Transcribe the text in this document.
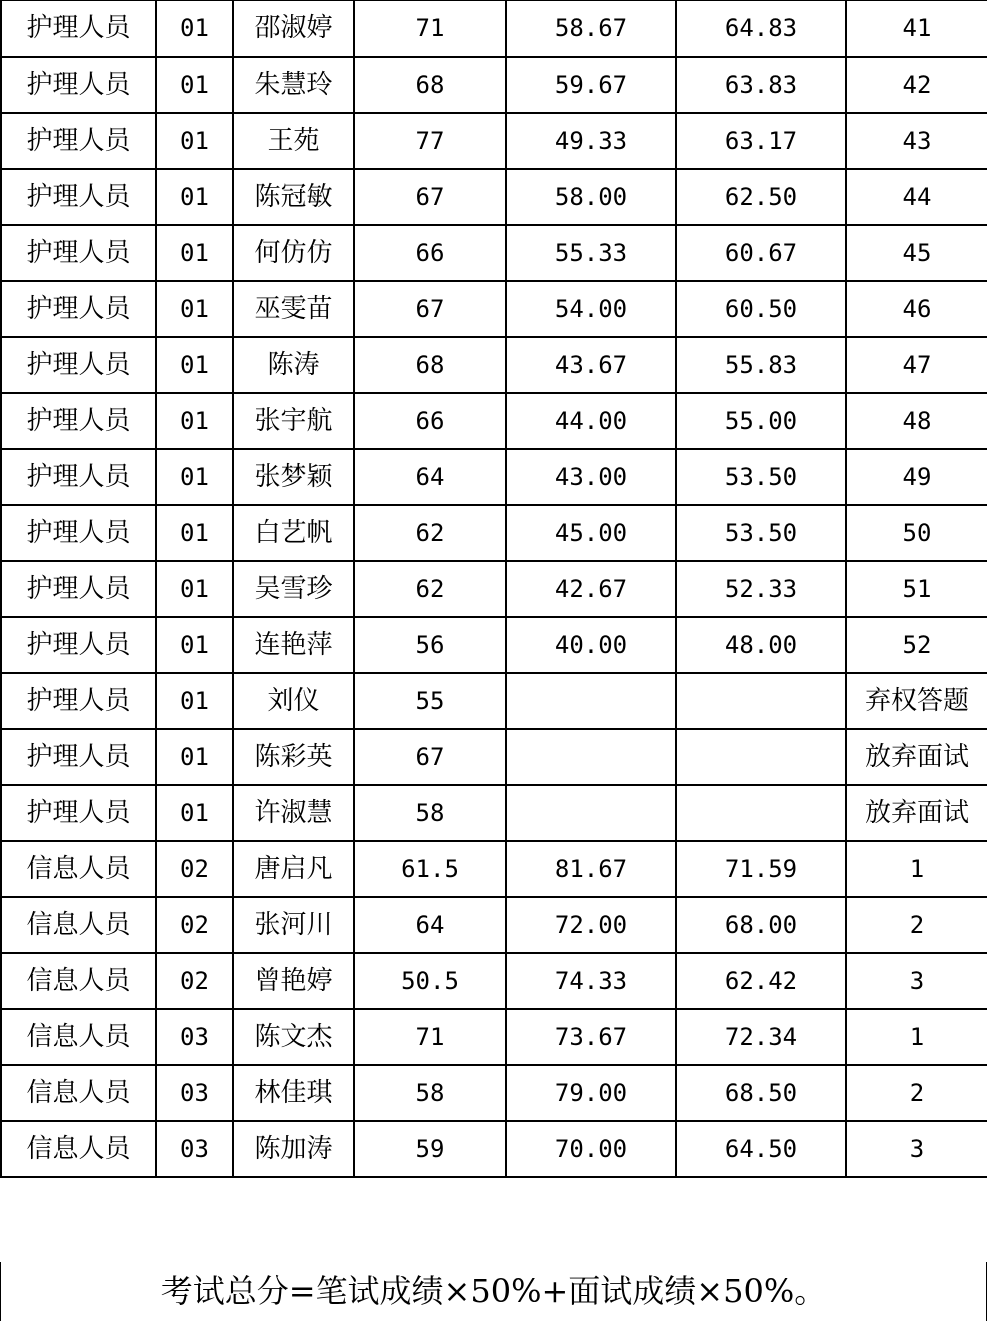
护理人员	01	邵淑婷	71	58.67	64.83	41
护理人员	01	朱慧玲	68	59.67	63.83	42
护理人员	01	王苑	77	49.33	63.17	43
护理人员	01	陈冠敏	67	58.00	62.50	44
护理人员	01	何仿仿	66	55.33	60.67	45
护理人员	01	巫雯苗	67	54.00	60.50	46
护理人员	01	陈涛	68	43.67	55.83	47
护理人员	01	张宇航	66	44.00	55.00	48
护理人员	01	张梦颖	64	43.00	53.50	49
护理人员	01	白艺帆	62	45.00	53.50	50
护理人员	01	吴雪珍	62	42.67	52.33	51
护理人员	01	连艳萍	56	40.00	48.00	52
护理人员	01	刘仪	55			弃权答题
护理人员	01	陈彩英	67			放弃面试
护理人员	01	许淑慧	58			放弃面试
信息人员	02	唐启凡	61.5	81.67	71.59	1
信息人员	02	张河川	64	72.00	68.00	2
信息人员	02	曾艳婷	50.5	74.33	62.42	3
信息人员	03	陈文杰	71	73.67	72.34	1
信息人员	03	林佳琪	58	79.00	68.50	2
信息人员	03	陈加涛	59	70.00	64.50	3
考试总分=笔试成绩×50%+面试成绩×50%。
